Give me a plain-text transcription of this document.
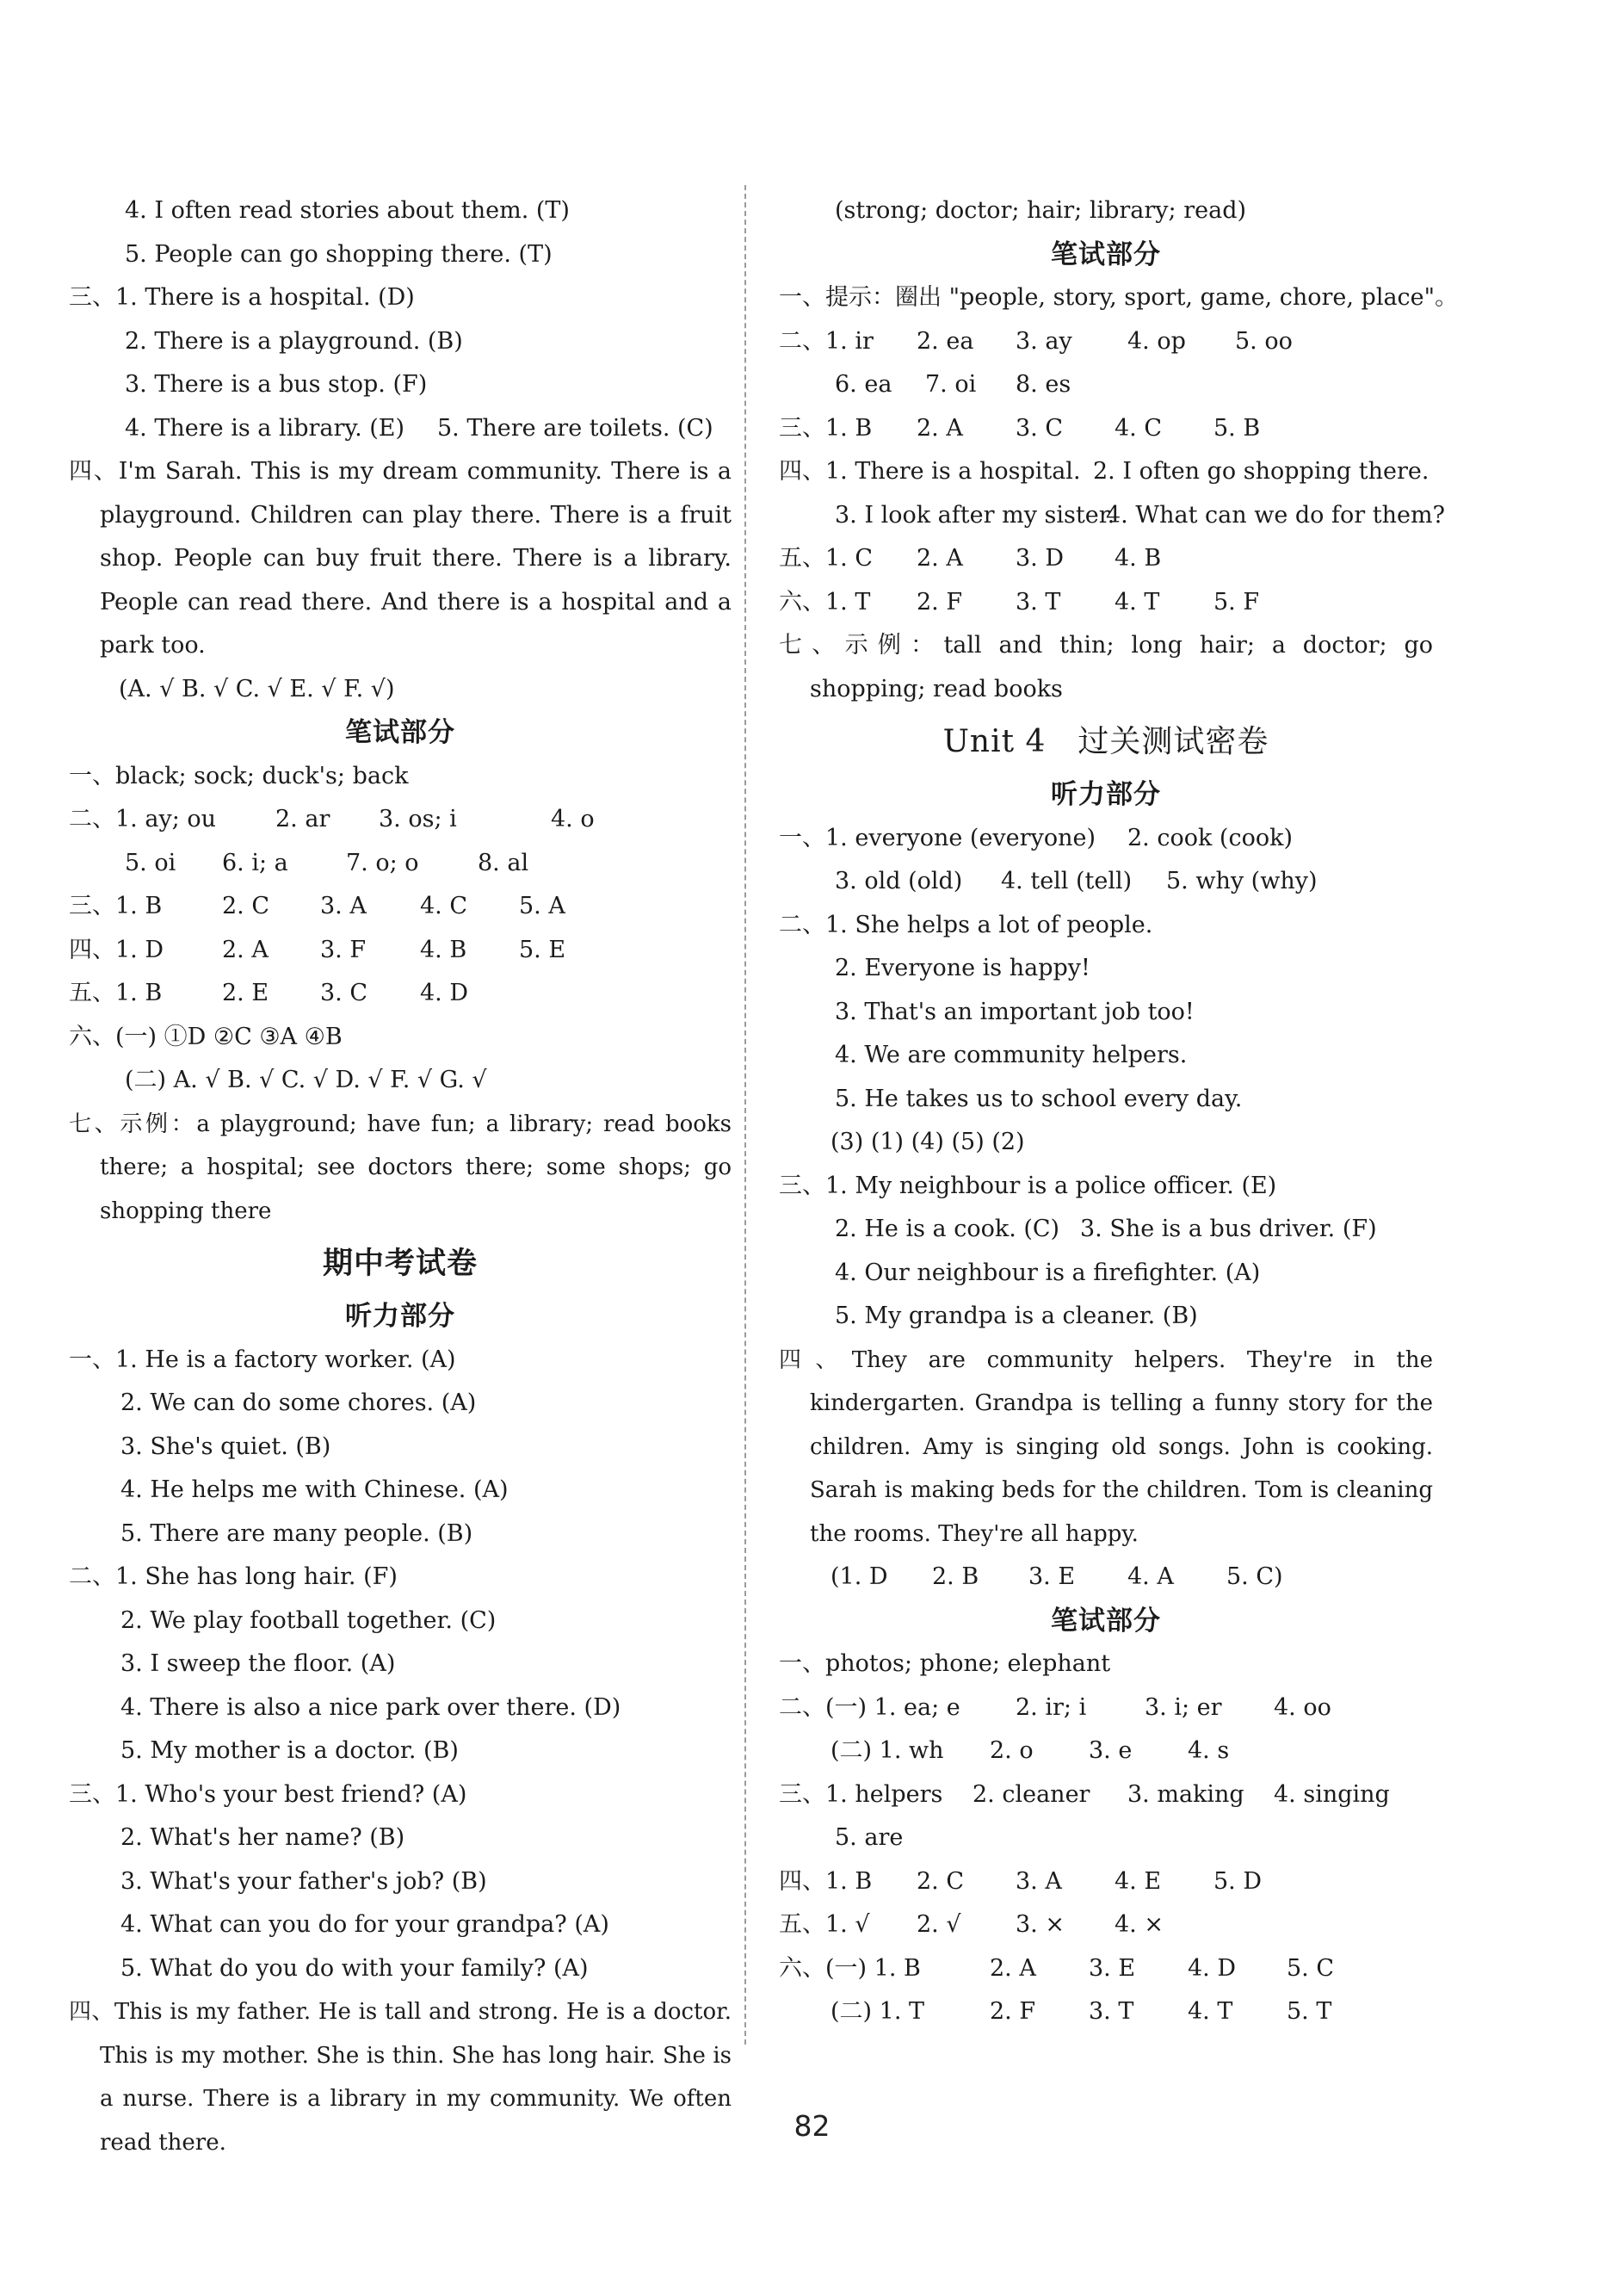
4. I often read stories about them. (T)
5. People can go shopping there. (T)
三、1. There is a hospital. (D)
2. There is a playground. (B)
3. There is a bus stop. (F)
4. There is a library. (E) 5. There are toilets. (C)
四、I'm Sarah. This is my dream community. There is a playground. Children can play there. There is a fruit shop. People can buy fruit there. There is a library. People can read there. And there is a hospital and a park too.
(A. √ B. √ C. √ E. √ F. √)
笔试部分
一、black; sock; duck's; back
二、1. ay; ou	2. ar 3. os; i	4. o
5. oi 6. i; a 7. o; o	8. al
三、1. B	2. C 3. A 4. C 5. A
四、1. D	2. A 3. F 4. B 5. E
五、1. B	2. E 3. C 4. D
六、(一) ①D ②C ③A ④B
(二) A. √ B. √ C. √ D. √ F. √ G. √
七、示例：a playground; have fun; a library; read books there; a hospital; see doctors there; some shops; go shopping there
期中考试卷
听力部分
一、1. He is a factory worker. (A)
2. We can do some chores. (A)
3. She's quiet. (B)
4. He helps me with Chinese. (A)
5. There are many people. (B)
二、1. She has long hair. (F)
2. We play football together. (C)
3. I sweep the floor. (A)
4. There is also a nice park over there. (D)
5. My mother is a doctor. (B)
三、1. Who's your best friend? (A)
2. What's her name? (B)
3. What's your father's job? (B)
4. What can you do for your grandpa? (A)
5. What do you do with your family? (A)
四、This is my father. He is tall and strong. He is a doctor. This is my mother. She is thin. She has long hair. She is a nurse. There is a library in my community. We often read there.
(strong; doctor; hair; library; read)
笔试部分
一、提示：圈出 "people, story, sport, game, chore, place"。
二、1. ir 2. ea 3. ay 4. op 5. oo
6. ea 7. oi 8. es
三、1. B 2. A 3. C 4. C 5. B
四、1. There is a hospital. 2. I often go shopping there.
3. I look after my sister.
4. What can we do for them?
五、1. C 2. A 3. D 4. B
六、1. T 2. F 3. T 4. T 5. F
七、示例：tall and thin; long hair; a doctor; go shopping; read books
Unit 4　过关测试密卷
听力部分
一、1. everyone (everyone) 2. cook (cook)
3. old (old) 4. tell (tell) 5. why (why)
二、1. She helps a lot of people.
2. Everyone is happy!
3. That's an important job too!
4. We are community helpers.
5. He takes us to school every day.
(3) (1) (4) (5) (2)
三、1. My neighbour is a police officer. (E)
2. He is a cook. (C) 3. She is a bus driver. (F)
4. Our neighbour is a firefighter. (A)
5. My grandpa is a cleaner. (B)
四、They are community helpers. They're in the kindergarten. Grandpa is telling a funny story for the children. Amy is singing old songs. John is cooking. Sarah is making beds for the children. Tom is cleaning the rooms. They're all happy.
(1. D 2. B 3. E 4. A 5. C)
笔试部分
一、photos; phone; elephant
二、(一) 1. ea; e 2. ir; i	3. i; er 4. oo
(二) 1. wh 2. o 3. e 4. s
三、1. helpers 2. cleaner 3. making 4. singing
5. are
四、1. B 2. C 3. A 4. E 5. D
五、1. √ 2. √ 3. × 4. ×
六、(一) 1. B	2. A 3. E 4. D 5. C
(二) 1. T	2. F 3. T 4. T 5. T
82
